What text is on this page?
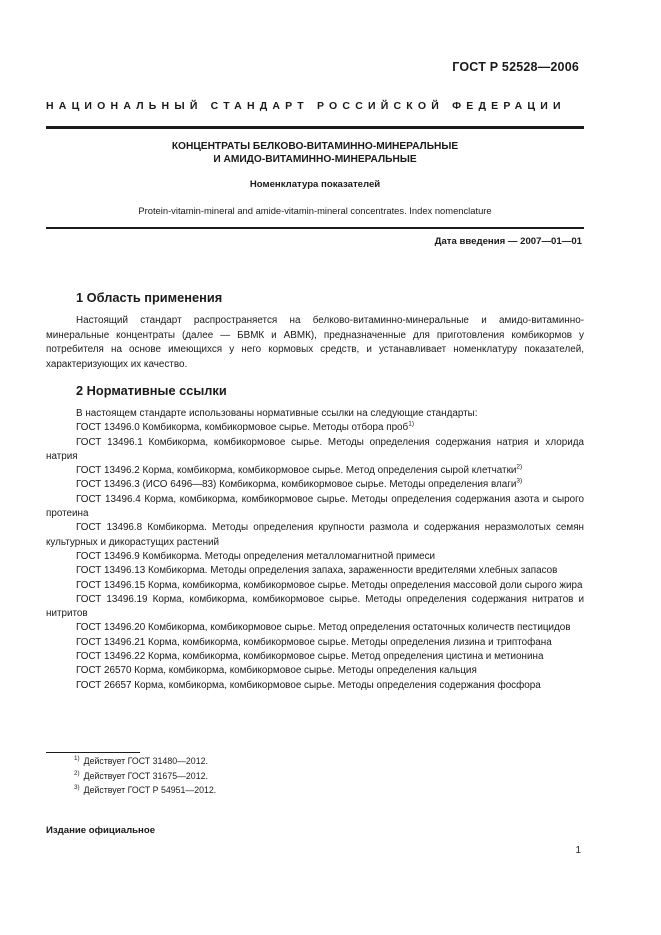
ГОСТ Р 52528—2006
НАЦИОНАЛЬНЫЙ СТАНДАРТ РОССИЙСКОЙ ФЕДЕРАЦИИ
КОНЦЕНТРАТЫ БЕЛКОВО-ВИТАМИННО-МИНЕРАЛЬНЫЕ
И АМИДО-ВИТАМИННО-МИНЕРАЛЬНЫЕ
Номенклатура показателей
Protein-vitamin-mineral and amide-vitamin-mineral concentrates. Index nomenclature
Дата введения — 2007—01—01
1 Область применения

Настоящий стандарт распространяется на белково-витаминно-минеральные и амидо-витаминно-минеральные концентраты (далее — БВМК и АВМК), предназначенные для приготовления комбикормов у потребителя на основе имеющихся у него кормовых средств, и устанавливает номенклатуру показателей, характеризующих их качество.

2 Нормативные ссылки
В настоящем стандарте использованы нормативные ссылки на следующие стандарты:
ГОСТ 13496.0 Комбикорма, комбикормовое сырье. Методы отбора проб$^{1)}$
ГОСТ 13496.1 Комбикорма, комбикормовое сырье. Методы определения содержания натрия и хлорида натрия
ГОСТ 13496.2 Корма, комбикорма, комбикормовое сырье. Метод определения сырой клетчатки$^{2)}$
ГОСТ 13496.3 (ИСО 6496—83) Комбикорма, комбикормовое сырье. Методы определения влаги$^{3)}$
ГОСТ 13496.4 Корма, комбикорма, комбикормовое сырье. Методы определения содержания азота и сырого протеина
ГОСТ 13496.8 Комбикорма. Методы определения крупности размола и содержания неразмолотых семян культурных и дикорастущих растений
ГОСТ 13496.9 Комбикорма. Методы определения металломагнитной примеси
ГОСТ 13496.13 Комбикорма. Методы определения запаха, зараженности вредителями хлебных запасов
ГОСТ 13496.15 Корма, комбикорма, комбикормовое сырье. Методы определения массовой доли сырого жира
ГОСТ 13496.19 Корма, комбикорма, комбикормовое сырье. Методы определения содержания нитратов и нитритов
ГОСТ 13496.20 Комбикорма, комбикормовое сырье. Метод определения остаточных количеств пестицидов
ГОСТ 13496.21 Корма, комбикорма, комбикормовое сырье. Методы определения лизина и триптофана
ГОСТ 13496.22 Корма, комбикорма, комбикормовое сырье. Метод определения цистина и метионина
ГОСТ 26570 Корма, комбикорма, комбикормовое сырье. Методы определения кальция
ГОСТ 26657 Корма, комбикорма, комбикормовое сырье. Методы определения содержания фосфора
$^{1)}$ Действует ГОСТ 31480—2012.
$^{2)}$ Действует ГОСТ 31675—2012.
$^{3)}$ Действует ГОСТ Р 54951—2012.
Издание официальное
1
